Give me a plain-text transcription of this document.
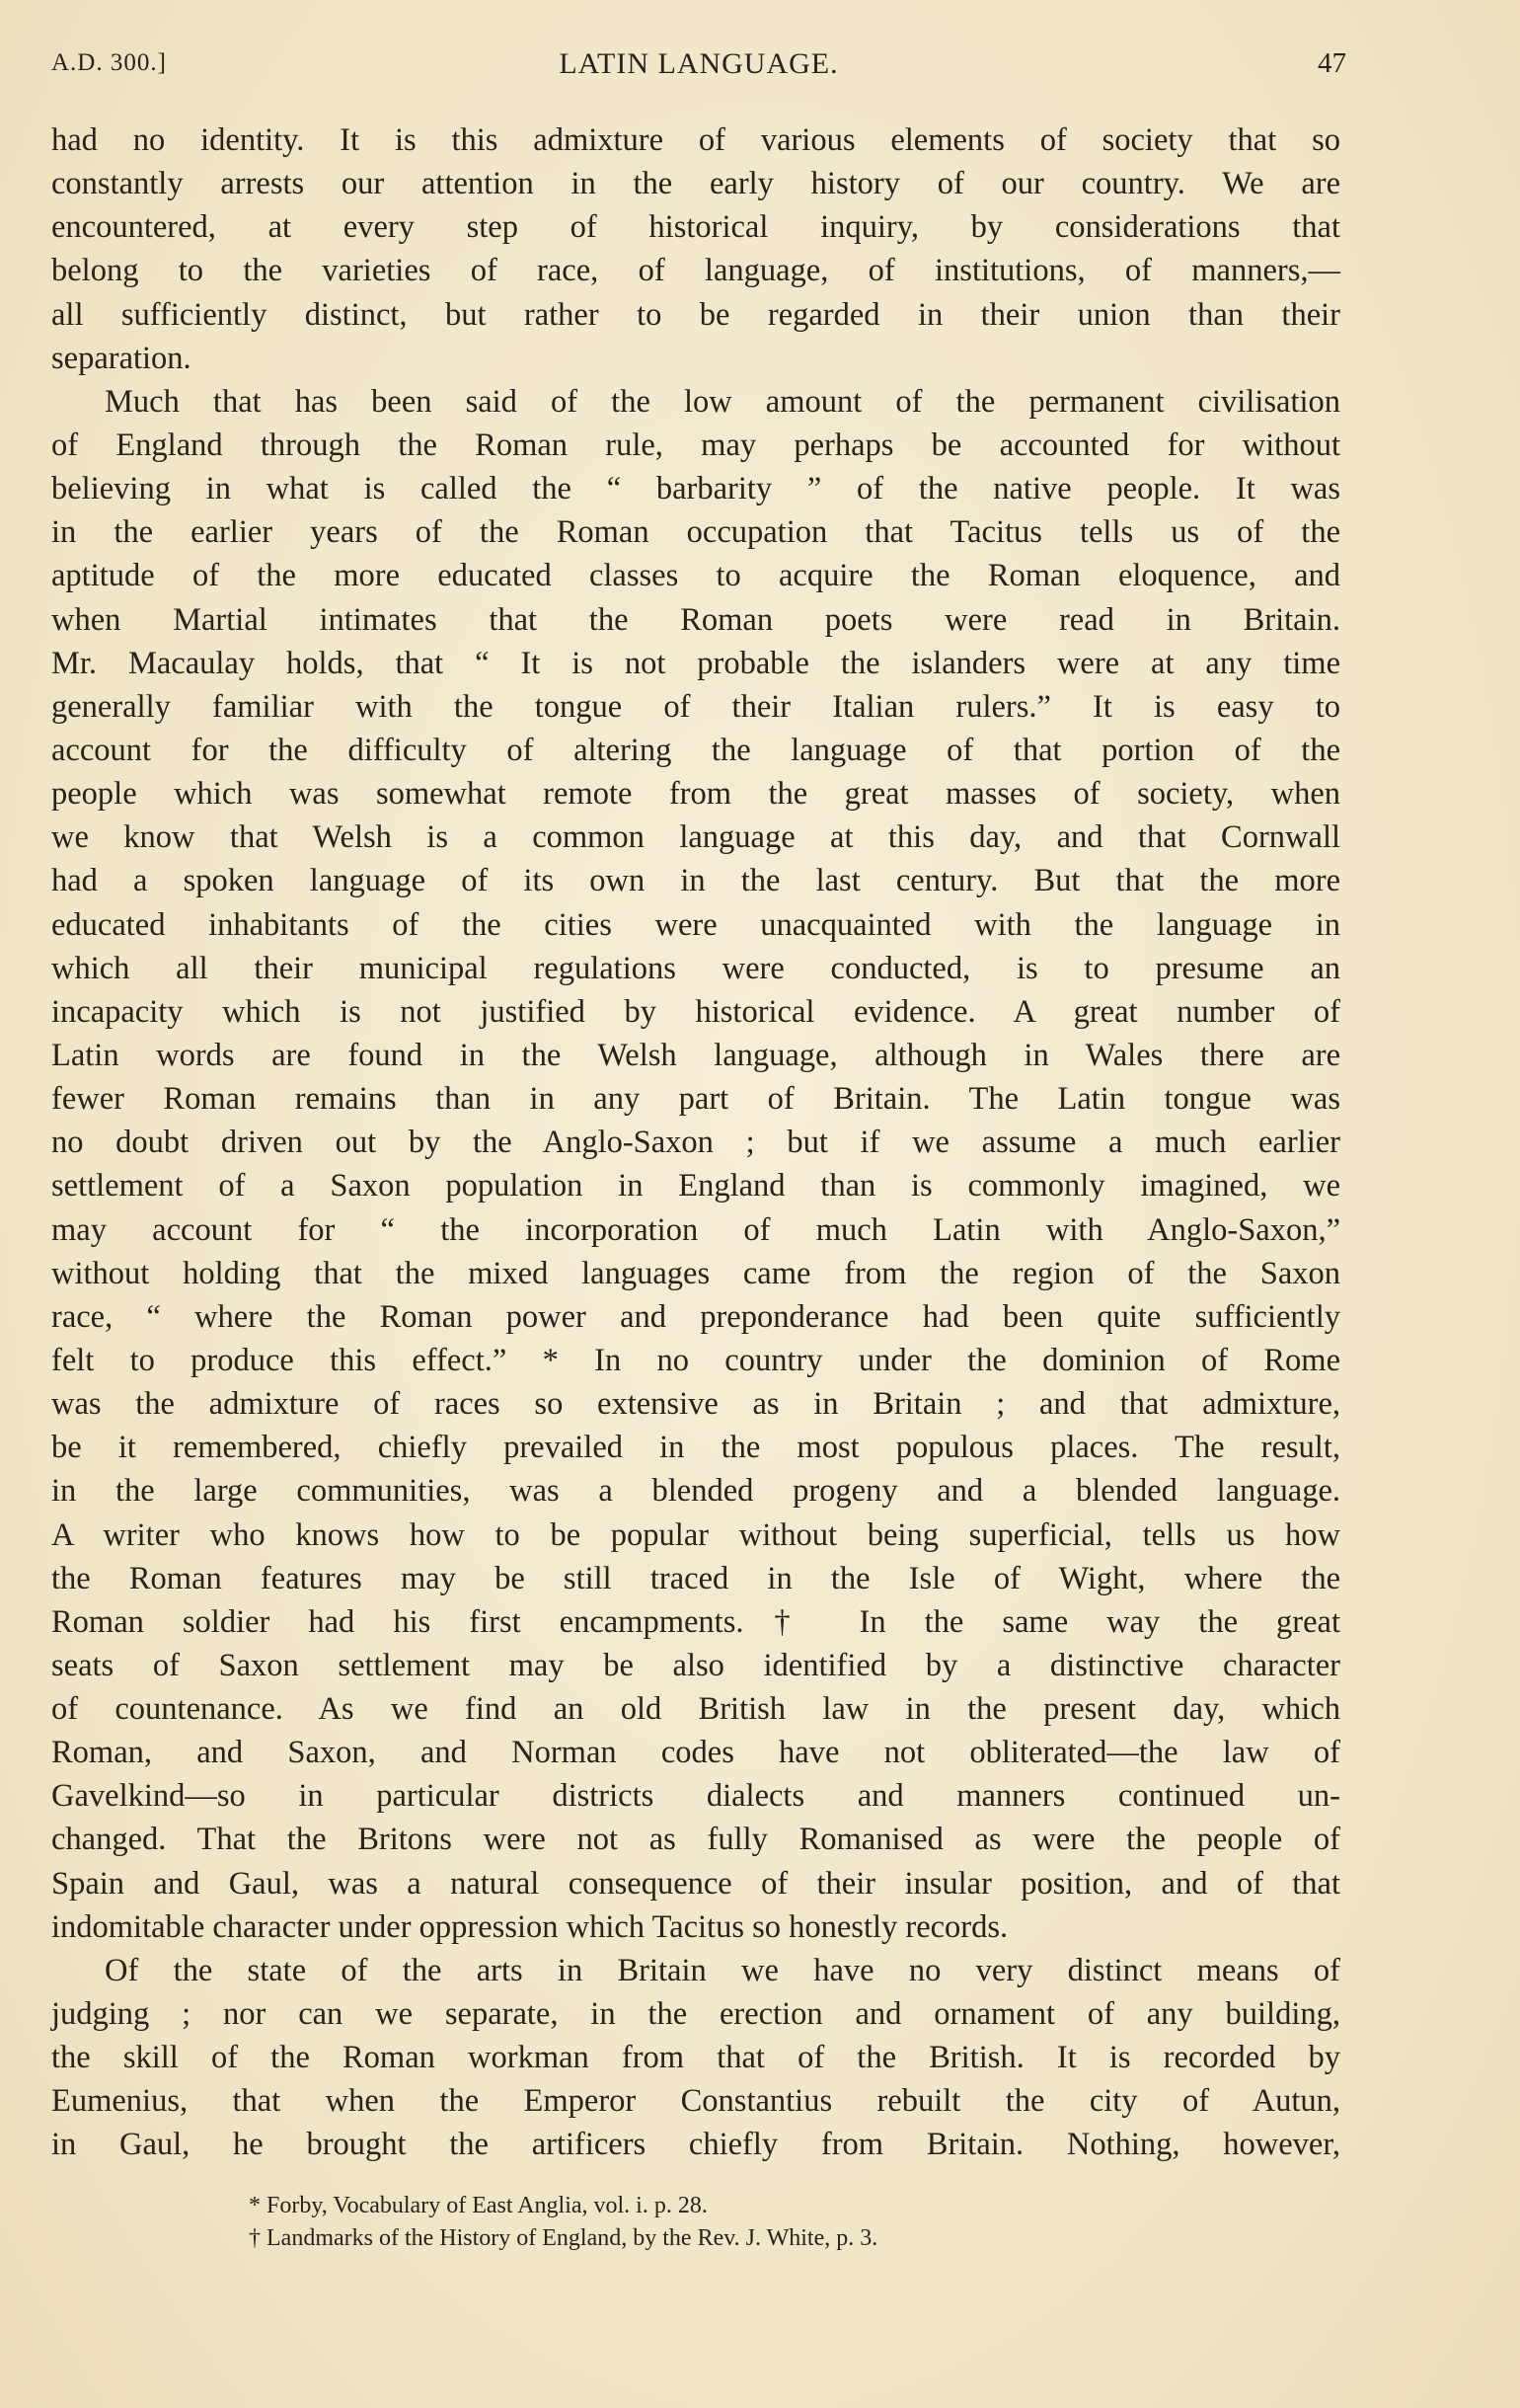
A.D. 300.]	LATIN LANGUAGE.	47
had no identity. It is this admixture of various elements of society that so
constantly arrests our attention in the early history of our country. We are
encountered, at every step of historical inquiry, by considerations that
belong to the varieties of race, of language, of institutions, of manners,—
all sufficiently distinct, but rather to be regarded in their union than their
separation.
Much that has been said of the low amount of the permanent civilisation
of England through the Roman rule, may perhaps be accounted for without
believing in what is called the “ barbarity ” of the native people. It was
in the earlier years of the Roman occupation that Tacitus tells us of the
aptitude of the more educated classes to acquire the Roman eloquence, and
when Martial intimates that the Roman poets were read in Britain.
Mr. Macaulay holds, that “ It is not probable the islanders were at any time
generally familiar with the tongue of their Italian rulers.” It is easy to
account for the difficulty of altering the language of that portion of the
people which was somewhat remote from the great masses of society, when
we know that Welsh is a common language at this day, and that Cornwall
had a spoken language of its own in the last century. But that the more
educated inhabitants of the cities were unacquainted with the language in
which all their municipal regulations were conducted, is to presume an
incapacity which is not justified by historical evidence. A great number of
Latin words are found in the Welsh language, although in Wales there are
fewer Roman remains than in any part of Britain. The Latin tongue was
no doubt driven out by the Anglo-Saxon ; but if we assume a much earlier
settlement of a Saxon population in England than is commonly imagined, we
may account for “ the incorporation of much Latin with Anglo-Saxon,”
without holding that the mixed languages came from the region of the Saxon
race, “ where the Roman power and preponderance had been quite sufficiently
felt to produce this effect.” * In no country under the dominion of Rome
was the admixture of races so extensive as in Britain ; and that admixture,
be it remembered, chiefly prevailed in the most populous places. The result,
in the large communities, was a blended progeny and a blended language.
A writer who knows how to be popular without being superficial, tells us how
the Roman features may be still traced in the Isle of Wight, where the
Roman soldier had his first encampments.† In the same way the great
seats of Saxon settlement may be also identified by a distinctive character
of countenance. As we find an old British law in the present day, which
Roman, and Saxon, and Norman codes have not obliterated—the law of
Gavelkind—so in particular districts dialects and manners continued un-
changed. That the Britons were not as fully Romanised as were the people of
Spain and Gaul, was a natural consequence of their insular position, and of that
indomitable character under oppression which Tacitus so honestly records.
Of the state of the arts in Britain we have no very distinct means of
judging ; nor can we separate, in the erection and ornament of any building,
the skill of the Roman workman from that of the British. It is recorded by
Eumenius, that when the Emperor Constantius rebuilt the city of Autun,
in Gaul, he brought the artificers chiefly from Britain. Nothing, however,
* Forby, Vocabulary of East Anglia, vol. i. p. 28.
† Landmarks of the History of England, by the Rev. J. White, p. 3.
